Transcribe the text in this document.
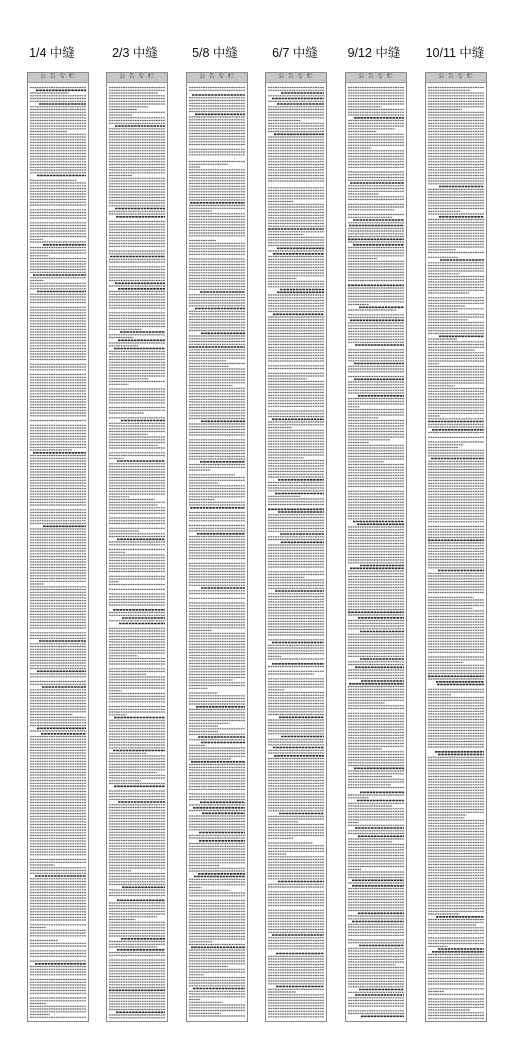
1/4 中缝	2/3 中缝	5/8 中缝	6/7 中缝	9/12 中缝	10/11 中缝
公 告 专 栏	公 告 专 栏	公 告 专 栏	公 告 专 栏	公 告 专 栏	公 告 专 栏
